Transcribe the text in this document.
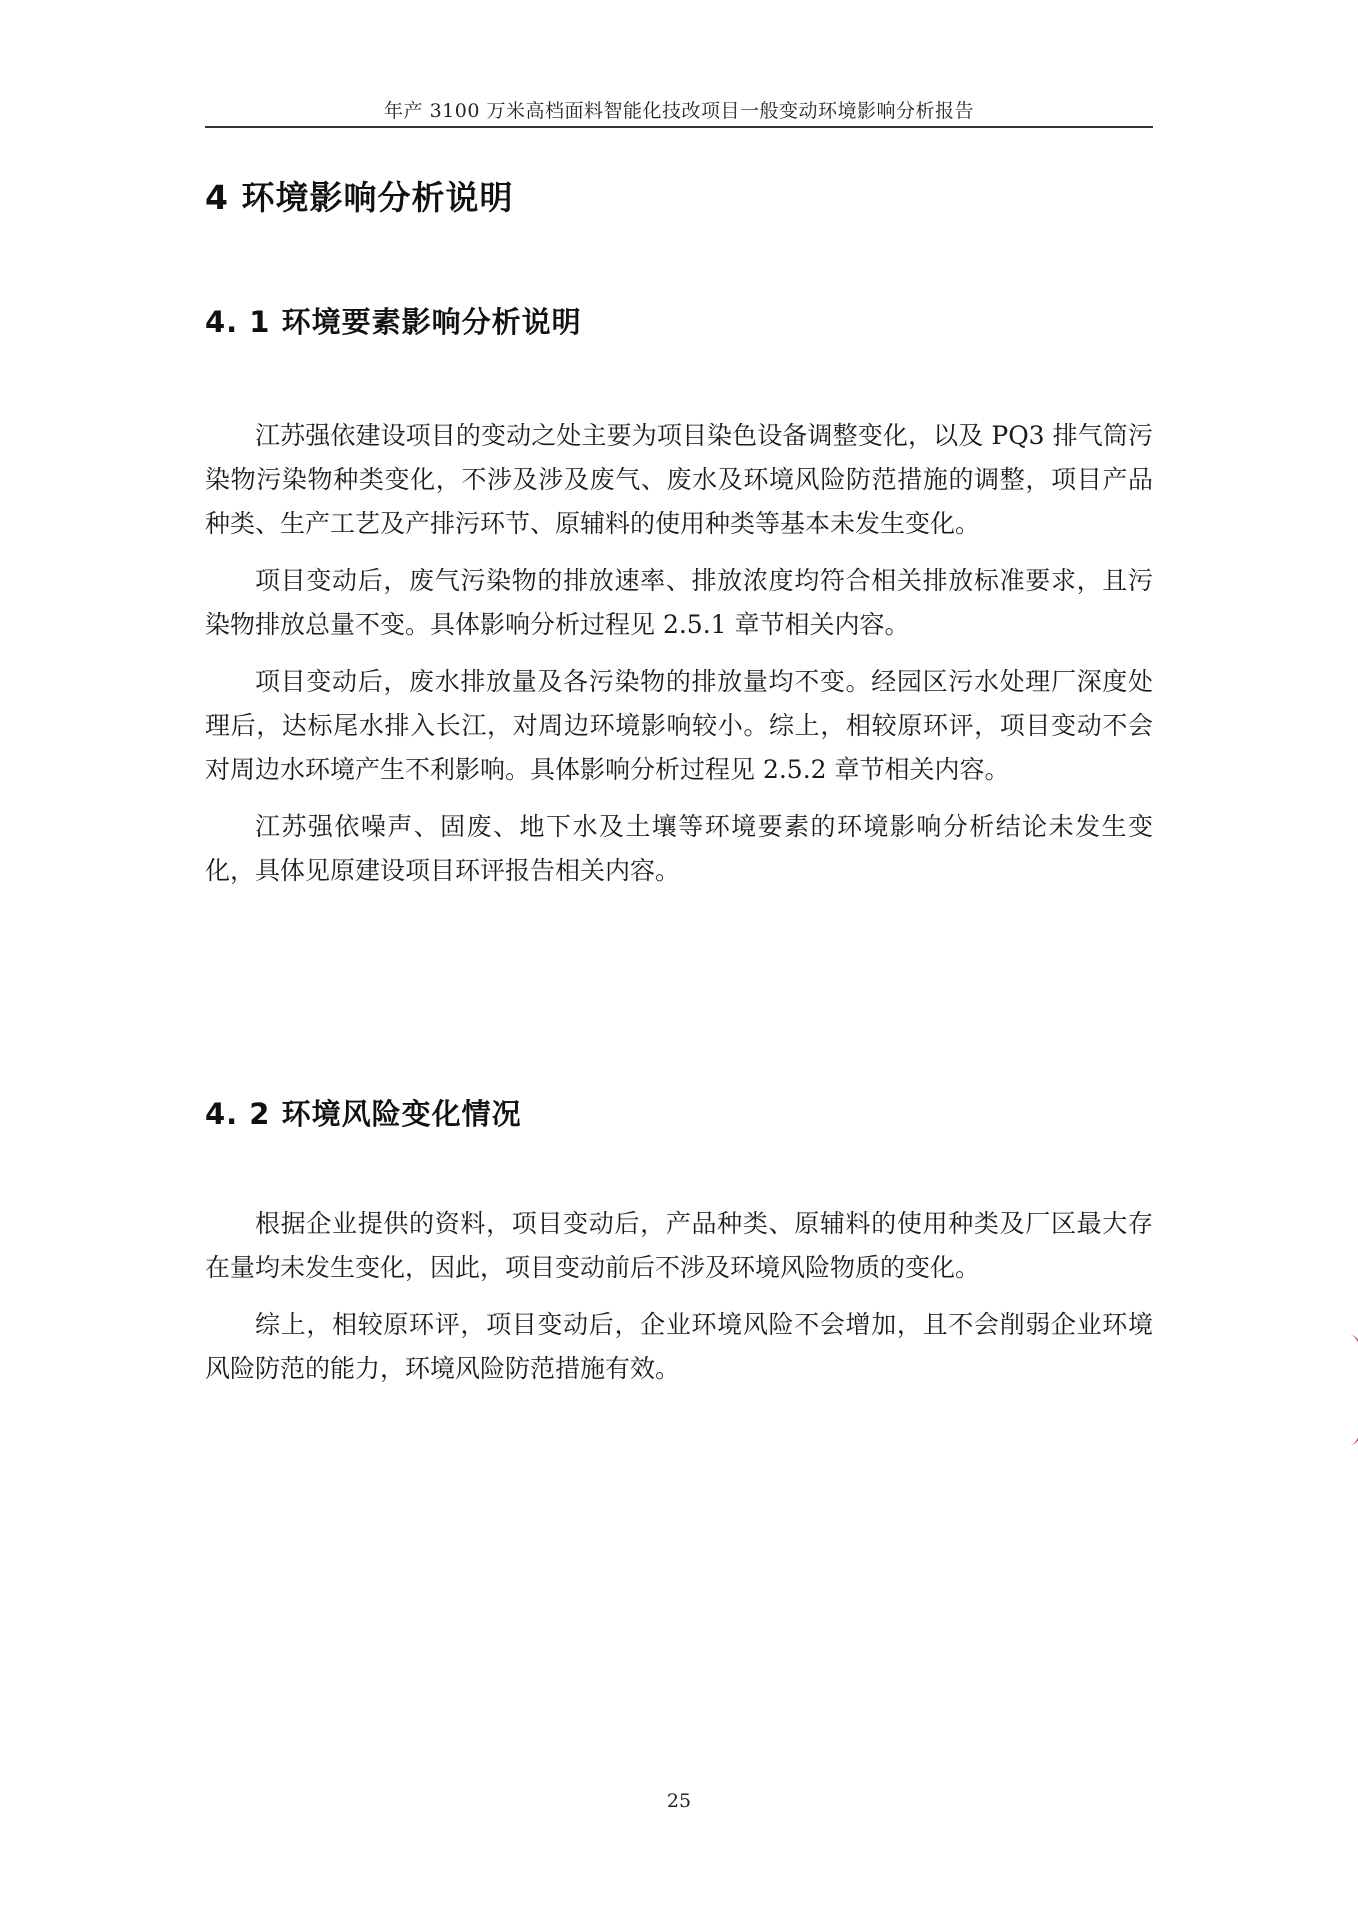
年产 3100 万米高档面料智能化技改项目一般变动环境影响分析报告
4 环境影响分析说明
4. 1 环境要素影响分析说明

江苏强依建设项目的变动之处主要为项目染色设备调整变化，以及 PQ3 排气筒污染物污染物种类变化，不涉及涉及废气、废水及环境风险防范措施的调整，项目产品种类、生产工艺及产排污环节、原辅料的使用种类等基本未发生变化。

项目变动后，废气污染物的排放速率、排放浓度均符合相关排放标准要求，且污染物排放总量不变。具体影响分析过程见 2.5.1 章节相关内容。

项目变动后，废水排放量及各污染物的排放量均不变。经园区污水处理厂深度处理后，达标尾水排入长江，对周边环境影响较小。综上，相较原环评，项目变动不会对周边水环境产生不利影响。具体影响分析过程见 2.5.2 章节相关内容。

江苏强依噪声、固废、地下水及土壤等环境要素的环境影响分析结论未发生变化，具体见原建设项目环评报告相关内容。

4. 2 环境风险变化情况

根据企业提供的资料，项目变动后，产品种类、原辅料的使用种类及厂区最大存在量均未发生变化，因此，项目变动前后不涉及环境风险物质的变化。

综上，相较原环评，项目变动后，企业环境风险不会增加，且不会削弱企业环境风险防范的能力，环境风险防范措施有效。

25
